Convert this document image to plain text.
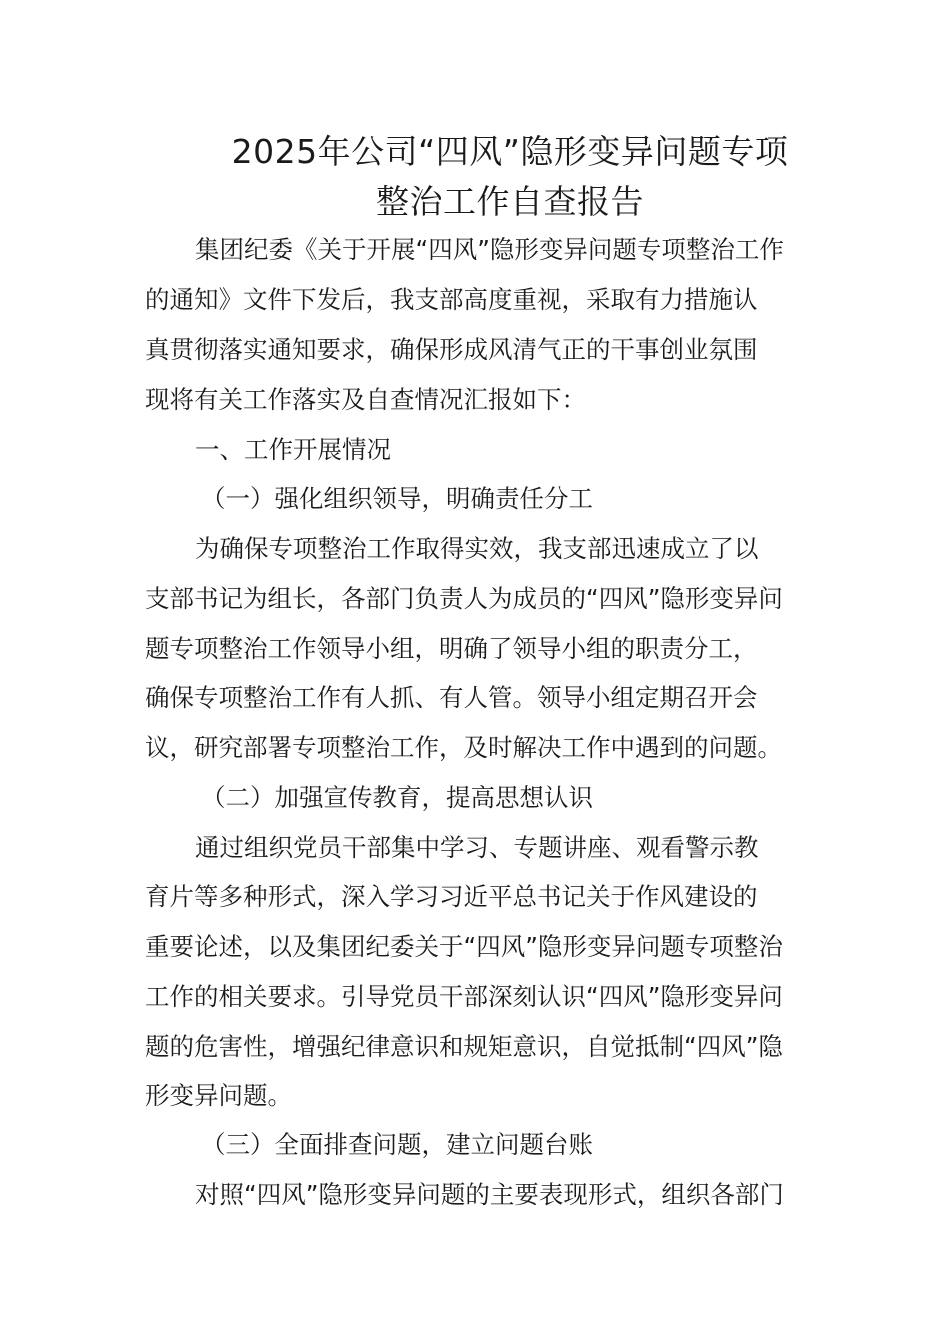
2025年公司“四风”隐形变异问题专项
整治工作自查报告
集团纪委《关于开展“四风”隐形变异问题专项整治工作
的通知》文件下发后，我支部高度重视，采取有力措施认
真贯彻落实通知要求，确保形成风清气正的干事创业氛围
现将有关工作落实及自查情况汇报如下：
一、工作开展情况
（一）强化组织领导，明确责任分工
为确保专项整治工作取得实效，我支部迅速成立了以
支部书记为组长，各部门负责人为成员的“四风”隐形变异问
题专项整治工作领导小组，明确了领导小组的职责分工，
确保专项整治工作有人抓、有人管。领导小组定期召开会
议，研究部署专项整治工作，及时解决工作中遇到的问题。
（二）加强宣传教育，提高思想认识
通过组织党员干部集中学习、专题讲座、观看警示教
育片等多种形式，深入学习习近平总书记关于作风建设的
重要论述，以及集团纪委关于“四风”隐形变异问题专项整治
工作的相关要求。引导党员干部深刻认识“四风”隐形变异问
题的危害性，增强纪律意识和规矩意识，自觉抵制“四风”隐
形变异问题。
（三）全面排查问题，建立问题台账
对照“四风”隐形变异问题的主要表现形式，组织各部门
